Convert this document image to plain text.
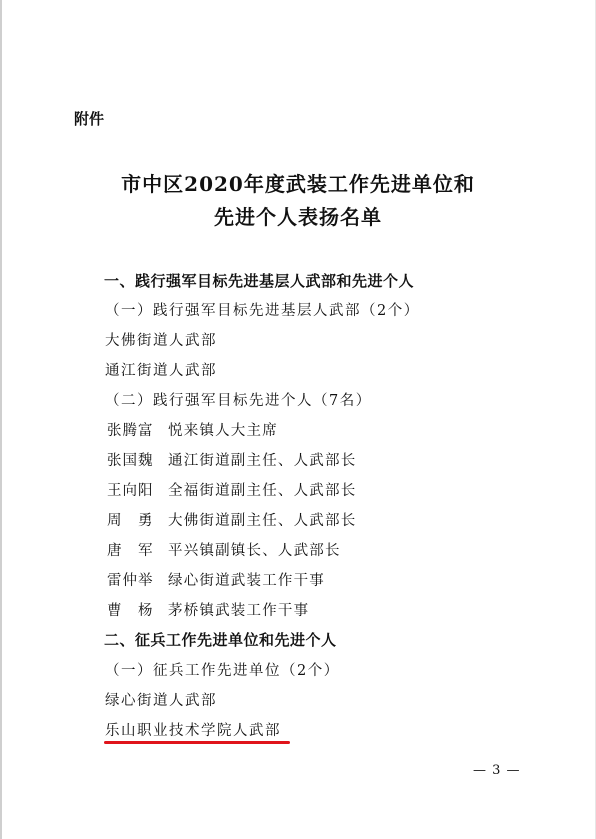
附件
市中区2020年度武装工作先进单位和
先进个人表扬名单
一、践行强军目标先进基层人武部和先进个人
（一）践行强军目标先进基层人武部（2个）
大佛街道人武部
通江街道人武部
（二）践行强军目标先进个人（7名）
张腾富 悦来镇人大主席
张国魏 通江街道副主任、人武部长
王向阳 全福街道副主任、人武部长
周　勇 大佛街道副主任、人武部长
唐　军 平兴镇副镇长、人武部长
雷仲举 绿心街道武装工作干事
曹　杨 茅桥镇武装工作干事
二、征兵工作先进单位和先进个人
（一）征兵工作先进单位（2个）
绿心街道人武部
乐山职业技术学院人武部
— 3 —
